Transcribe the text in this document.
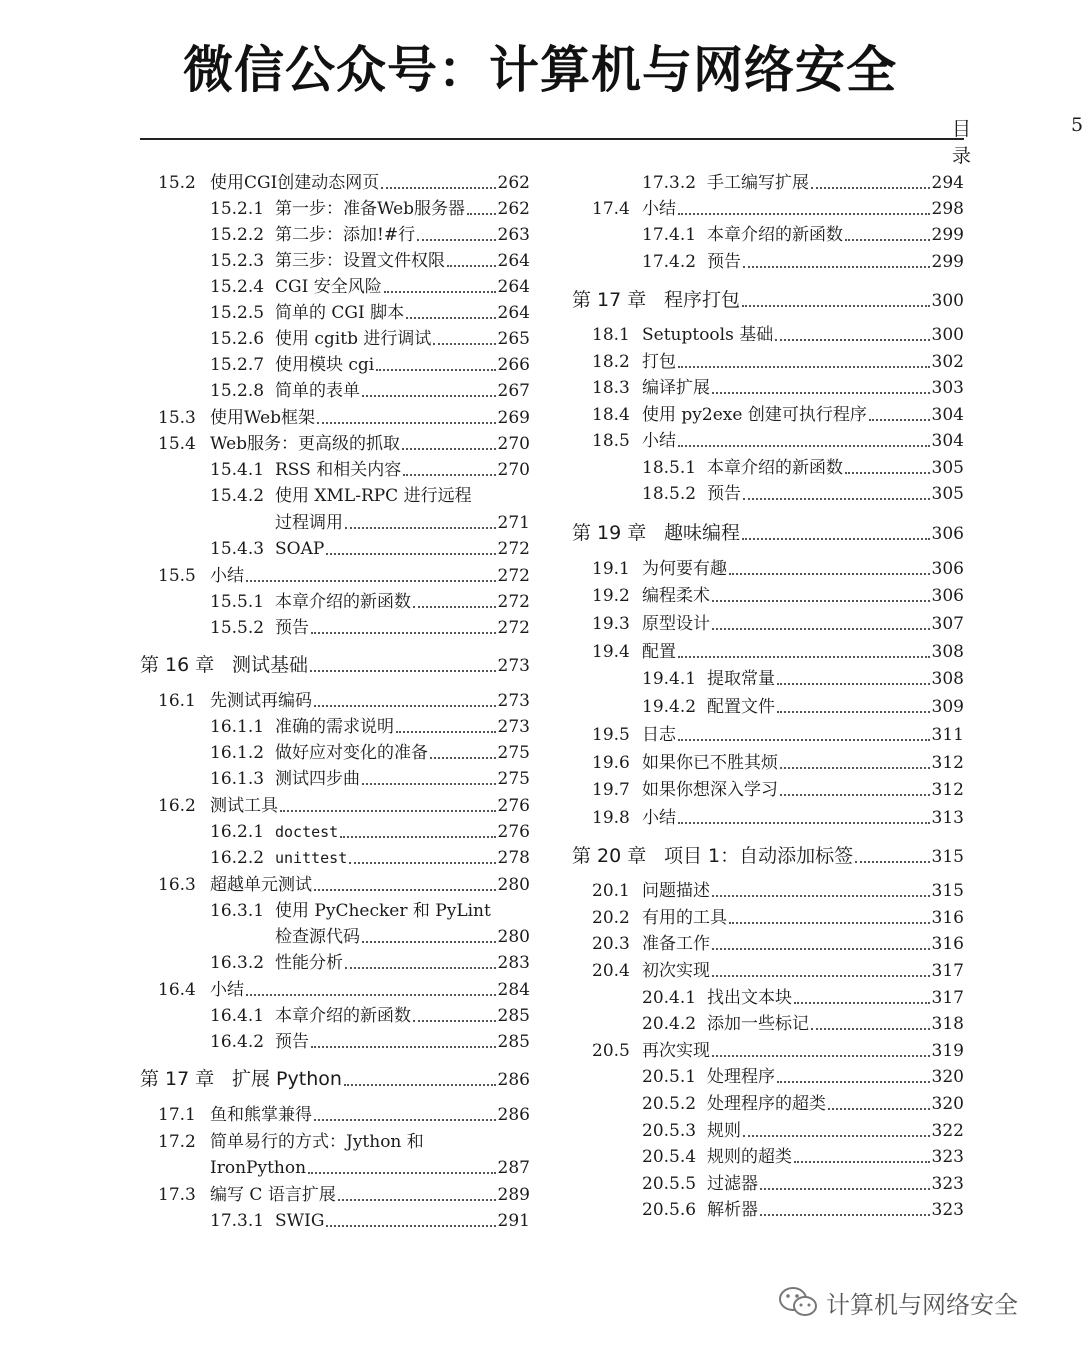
微信公众号：计算机与网络安全
目录
5
15.2 使用CGI创建动态网页	262
15.2.1 第一步：准备Web服务器 262
15.2.2 第二步：添加!#行	263
15.2.3 第三步：设置文件权限	264
15.2.4 CGI 安全风险	264
15.2.5 简单的 CGI 脚本	264
15.2.6 使用 cgitb 进行调试	265
15.2.7 使用模块 cgi	266
15.2.8 简单的表单	267
15.3 使用Web框架	269
15.4 Web服务：更高级的抓取	270
15.4.1 RSS 和相关内容	270
15.4.2 使用 XML-RPC 进行远程
过程调用	271
15.4.3 SOAP	272
15.5 小结	272
15.5.1 本章介绍的新函数	272
15.5.2 预告	272
第 16 章 测试基础	273
16.1 先测试再编码	273
16.1.1 准确的需求说明	273
16.1.2 做好应对变化的准备	275
16.1.3 测试四步曲	275
16.2 测试工具	276
16.2.1 doctest	276
16.2.2 unittest	278
16.3 超越单元测试	280
16.3.1 使用 PyChecker 和 PyLint
检查源代码	280
16.3.2 性能分析	283
16.4 小结	284
16.4.1 本章介绍的新函数	285
16.4.2 预告	285
第 17 章 扩展 Python	286
17.1 鱼和熊掌兼得	286
17.2 简单易行的方式：Jython 和
IronPython	287
17.3 编写 C 语言扩展	289
17.3.1 SWIG	291
17.3.2 手工编写扩展	294
17.4 小结	298
17.4.1 本章介绍的新函数	299
17.4.2 预告	299
第 17 章 程序打包	300
18.1 Setuptools 基础	300
18.2 打包	302
18.3 编译扩展	303
18.4 使用 py2exe 创建可执行程序	304
18.5 小结	304
18.5.1 本章介绍的新函数	305
18.5.2 预告	305
第 19 章 趣味编程	306
19.1 为何要有趣	306
19.2 编程柔术	306
19.3 原型设计	307
19.4 配置	308
19.4.1 提取常量	308
19.4.2 配置文件	309
19.5 日志	311
19.6 如果你已不胜其烦	312
19.7 如果你想深入学习	312
19.8 小结	313
第 20 章 项目 1：自动添加标签	315
20.1 问题描述	315
20.2 有用的工具	316
20.3 准备工作	316
20.4 初次实现	317
20.4.1 找出文本块	317
20.4.2 添加一些标记	318
20.5 再次实现	319
20.5.1 处理程序	320
20.5.2 处理程序的超类	320
20.5.3 规则	322
20.5.4 规则的超类	323
20.5.5 过滤器	323
20.5.6 解析器	323
计算机与网络安全
